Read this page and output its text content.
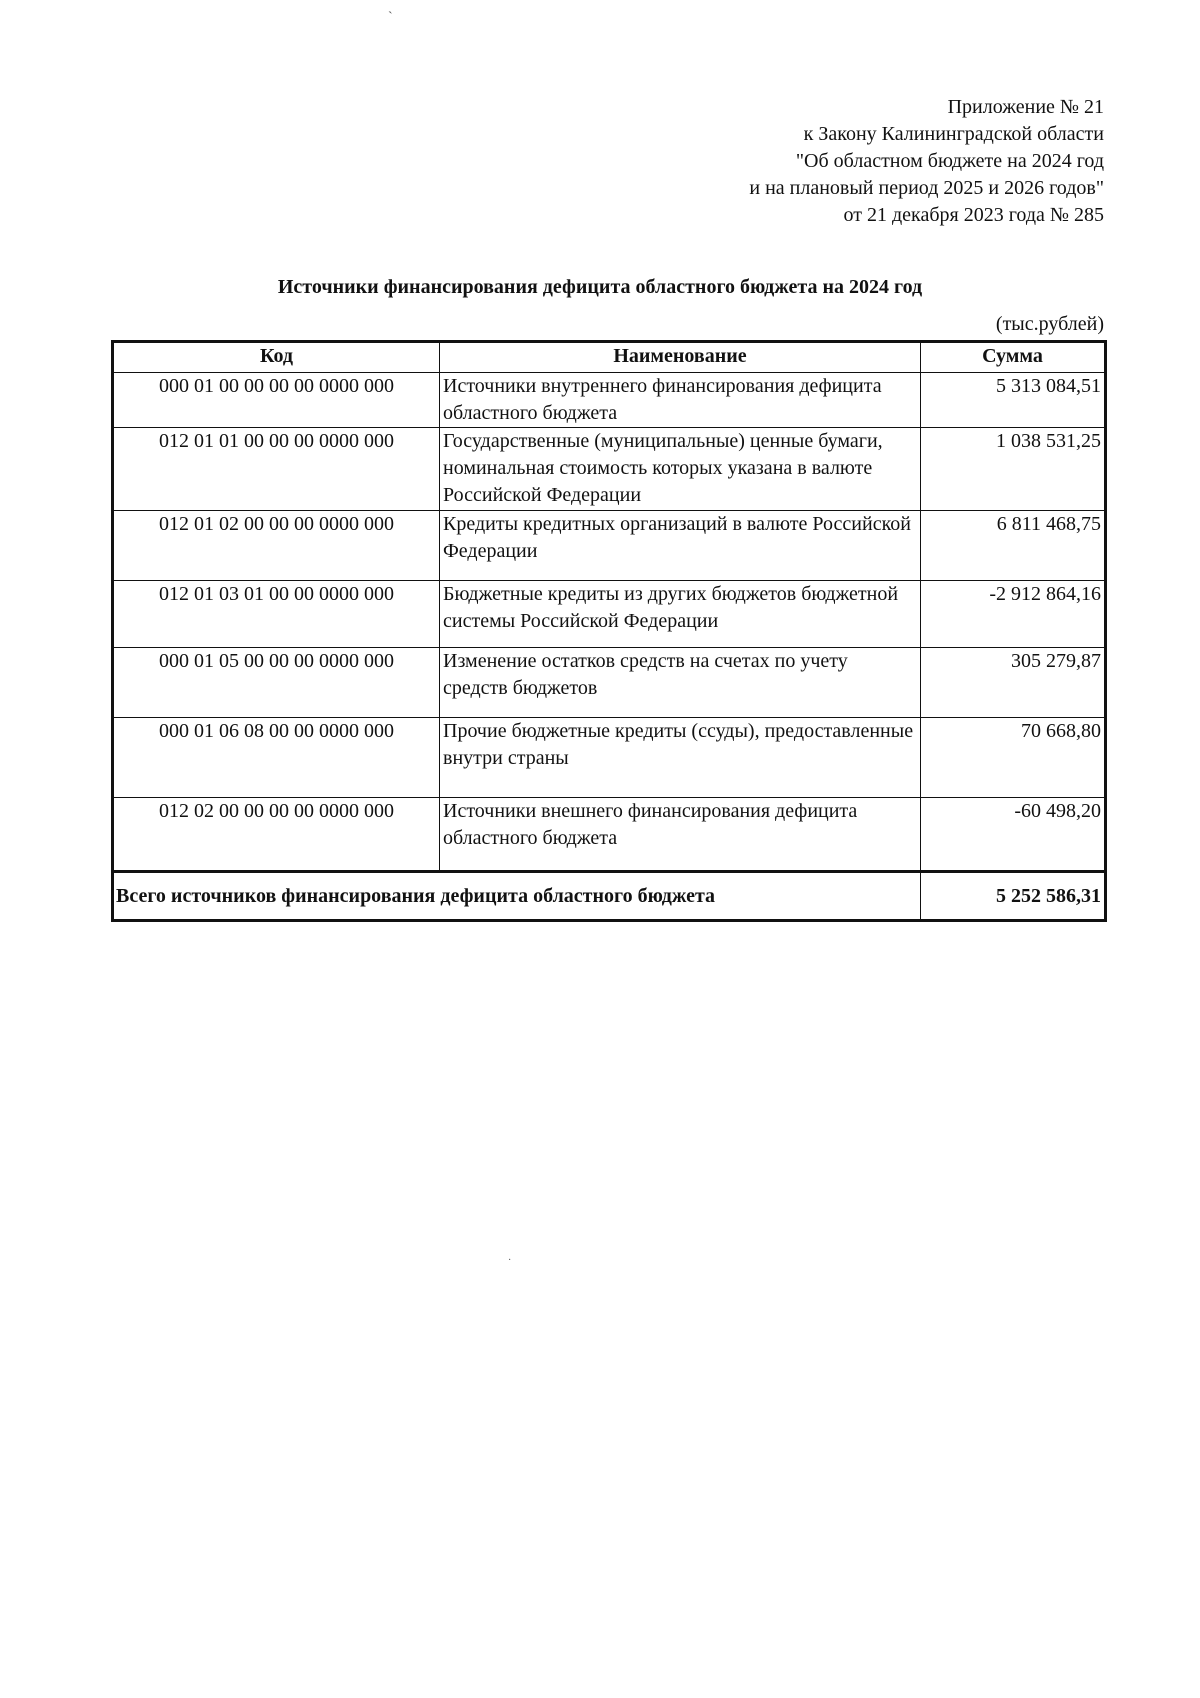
`
Приложение № 21
к Закону Калининградской области
"Об областном бюджете на 2024 год
и на плановый период 2025 и 2026 годов"
от 21 декабря 2023 года № 285
Источники финансирования дефицита областного бюджета на 2024 год
(тыс.рублей)
Код	Наименование	Сумма
000 01 00 00 00 00 0000 000	Источники внутреннего финансирования дефицита областного бюджета	5 313 084,51
012 01 01 00 00 00 0000 000	Государственные (муниципальные) ценные бумаги, номинальная стоимость которых указана в валюте Российской Федерации	1 038 531,25
012 01 02 00 00 00 0000 000	Кредиты кредитных организаций в валюте Российской Федерации	6 811 468,75
012 01 03 01 00 00 0000 000	Бюджетные кредиты из других бюджетов бюджетной системы Российской Федерации	-2 912 864,16
000 01 05 00 00 00 0000 000	Изменение остатков средств на счетах по учету средств бюджетов	305 279,87
000 01 06 08 00 00 0000 000	Прочие бюджетные кредиты (ссуды), предоставленные внутри страны	70 668,80
012 02 00 00 00 00 0000 000	Источники внешнего финансирования дефицита областного бюджета	-60 498,20
Всего источников финансирования дефицита областного бюджета		5 252 586,31
·
